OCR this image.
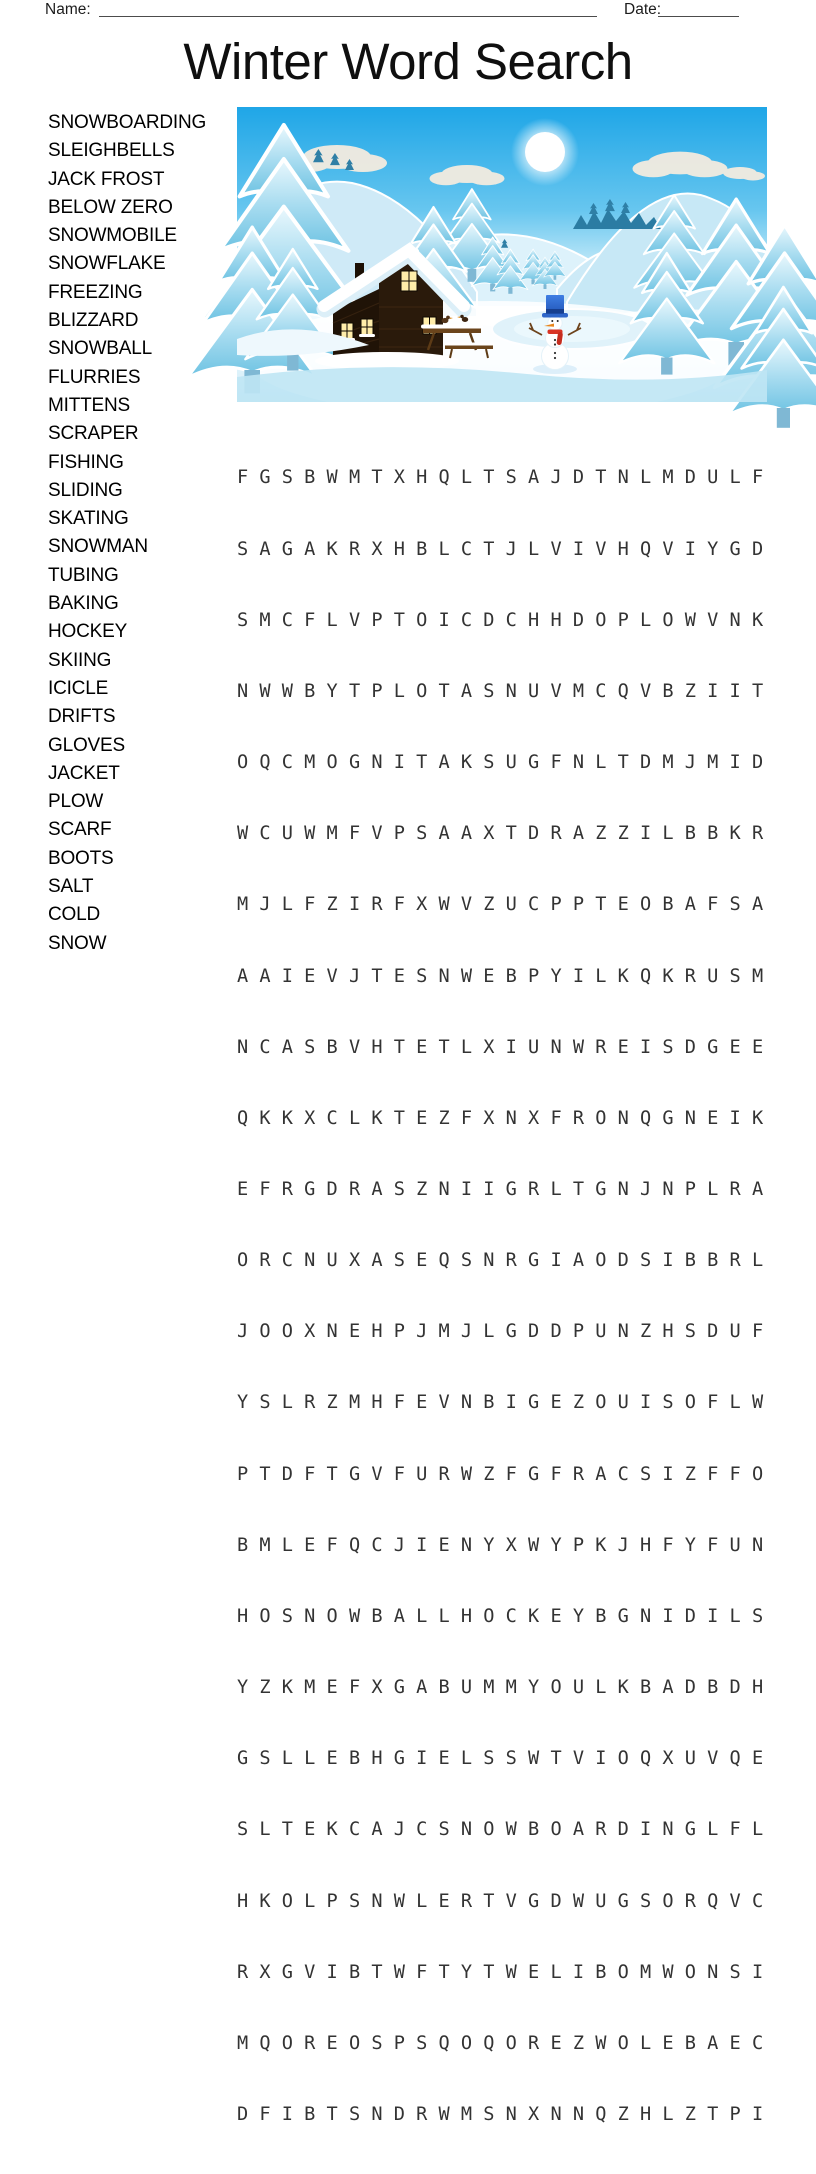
Name:	Date:
Winter Word Search
SNOWBOARDING
SLEIGHBELLS
JACK FROST
BELOW ZERO
SNOWMOBILE
SNOWFLAKE
FREEZING
BLIZZARD
SNOWBALL
FLURRIES
MITTENS
SCRAPER
FISHING
SLIDING
SKATING
SNOWMAN
TUBING
BAKING
HOCKEY
SKIING
ICICLE
DRIFTS
GLOVES
JACKET
PLOW
SCARF
BOOTS
SALT
COLD
SNOW

F G S B W M T X H Q L T S A J D T N L M D U L F

S A G A K R X H B L C T J L V I V H Q V I Y G D

S M C F L V P T O I C D C H H D O P L O W V N K

N W W B Y T P L O T A S N U V M C Q V B Z I I T

O Q C M O G N I T A K S U G F N L T D M J M I D

W C U W M F V P S A A X T D R A Z Z I L B B K R

M J L F Z I R F X W V Z U C P P T E O B A F S A

A A I E V J T E S N W E B P Y I L K Q K R U S M

N C A S B V H T E T L X I U N W R E I S D G E E

Q K K X C L K T E Z F X N X F R O N Q G N E I K

E F R G D R A S Z N I I G R L T G N J N P L R A

O R C N U X A S E Q S N R G I A O D S I B B R L

J O O X N E H P J M J L G D D P U N Z H S D U F

Y S L R Z M H F E V N B I G E Z O U I S O F L W

P T D F T G V F U R W Z F G F R A C S I Z F F O

B M L E F Q C J I E N Y X W Y P K J H F Y F U N

H O S N O W B A L L H O C K E Y B G N I D I L S

Y Z K M E F X G A B U M M Y O U L K B A D B D H

G S L L E B H G I E L S S W T V I O Q X U V Q E

S L T E K C A J C S N O W B O A R D I N G L F L

H K O L P S N W L E R T V G D W U G S O R Q V C

R X G V I B T W F T Y T W E L I B O M W O N S I

M Q O R E O S P S Q O Q O R E Z W O L E B A E C

D F I B T S N D R W M S N X N N Q Z H L Z T P I
